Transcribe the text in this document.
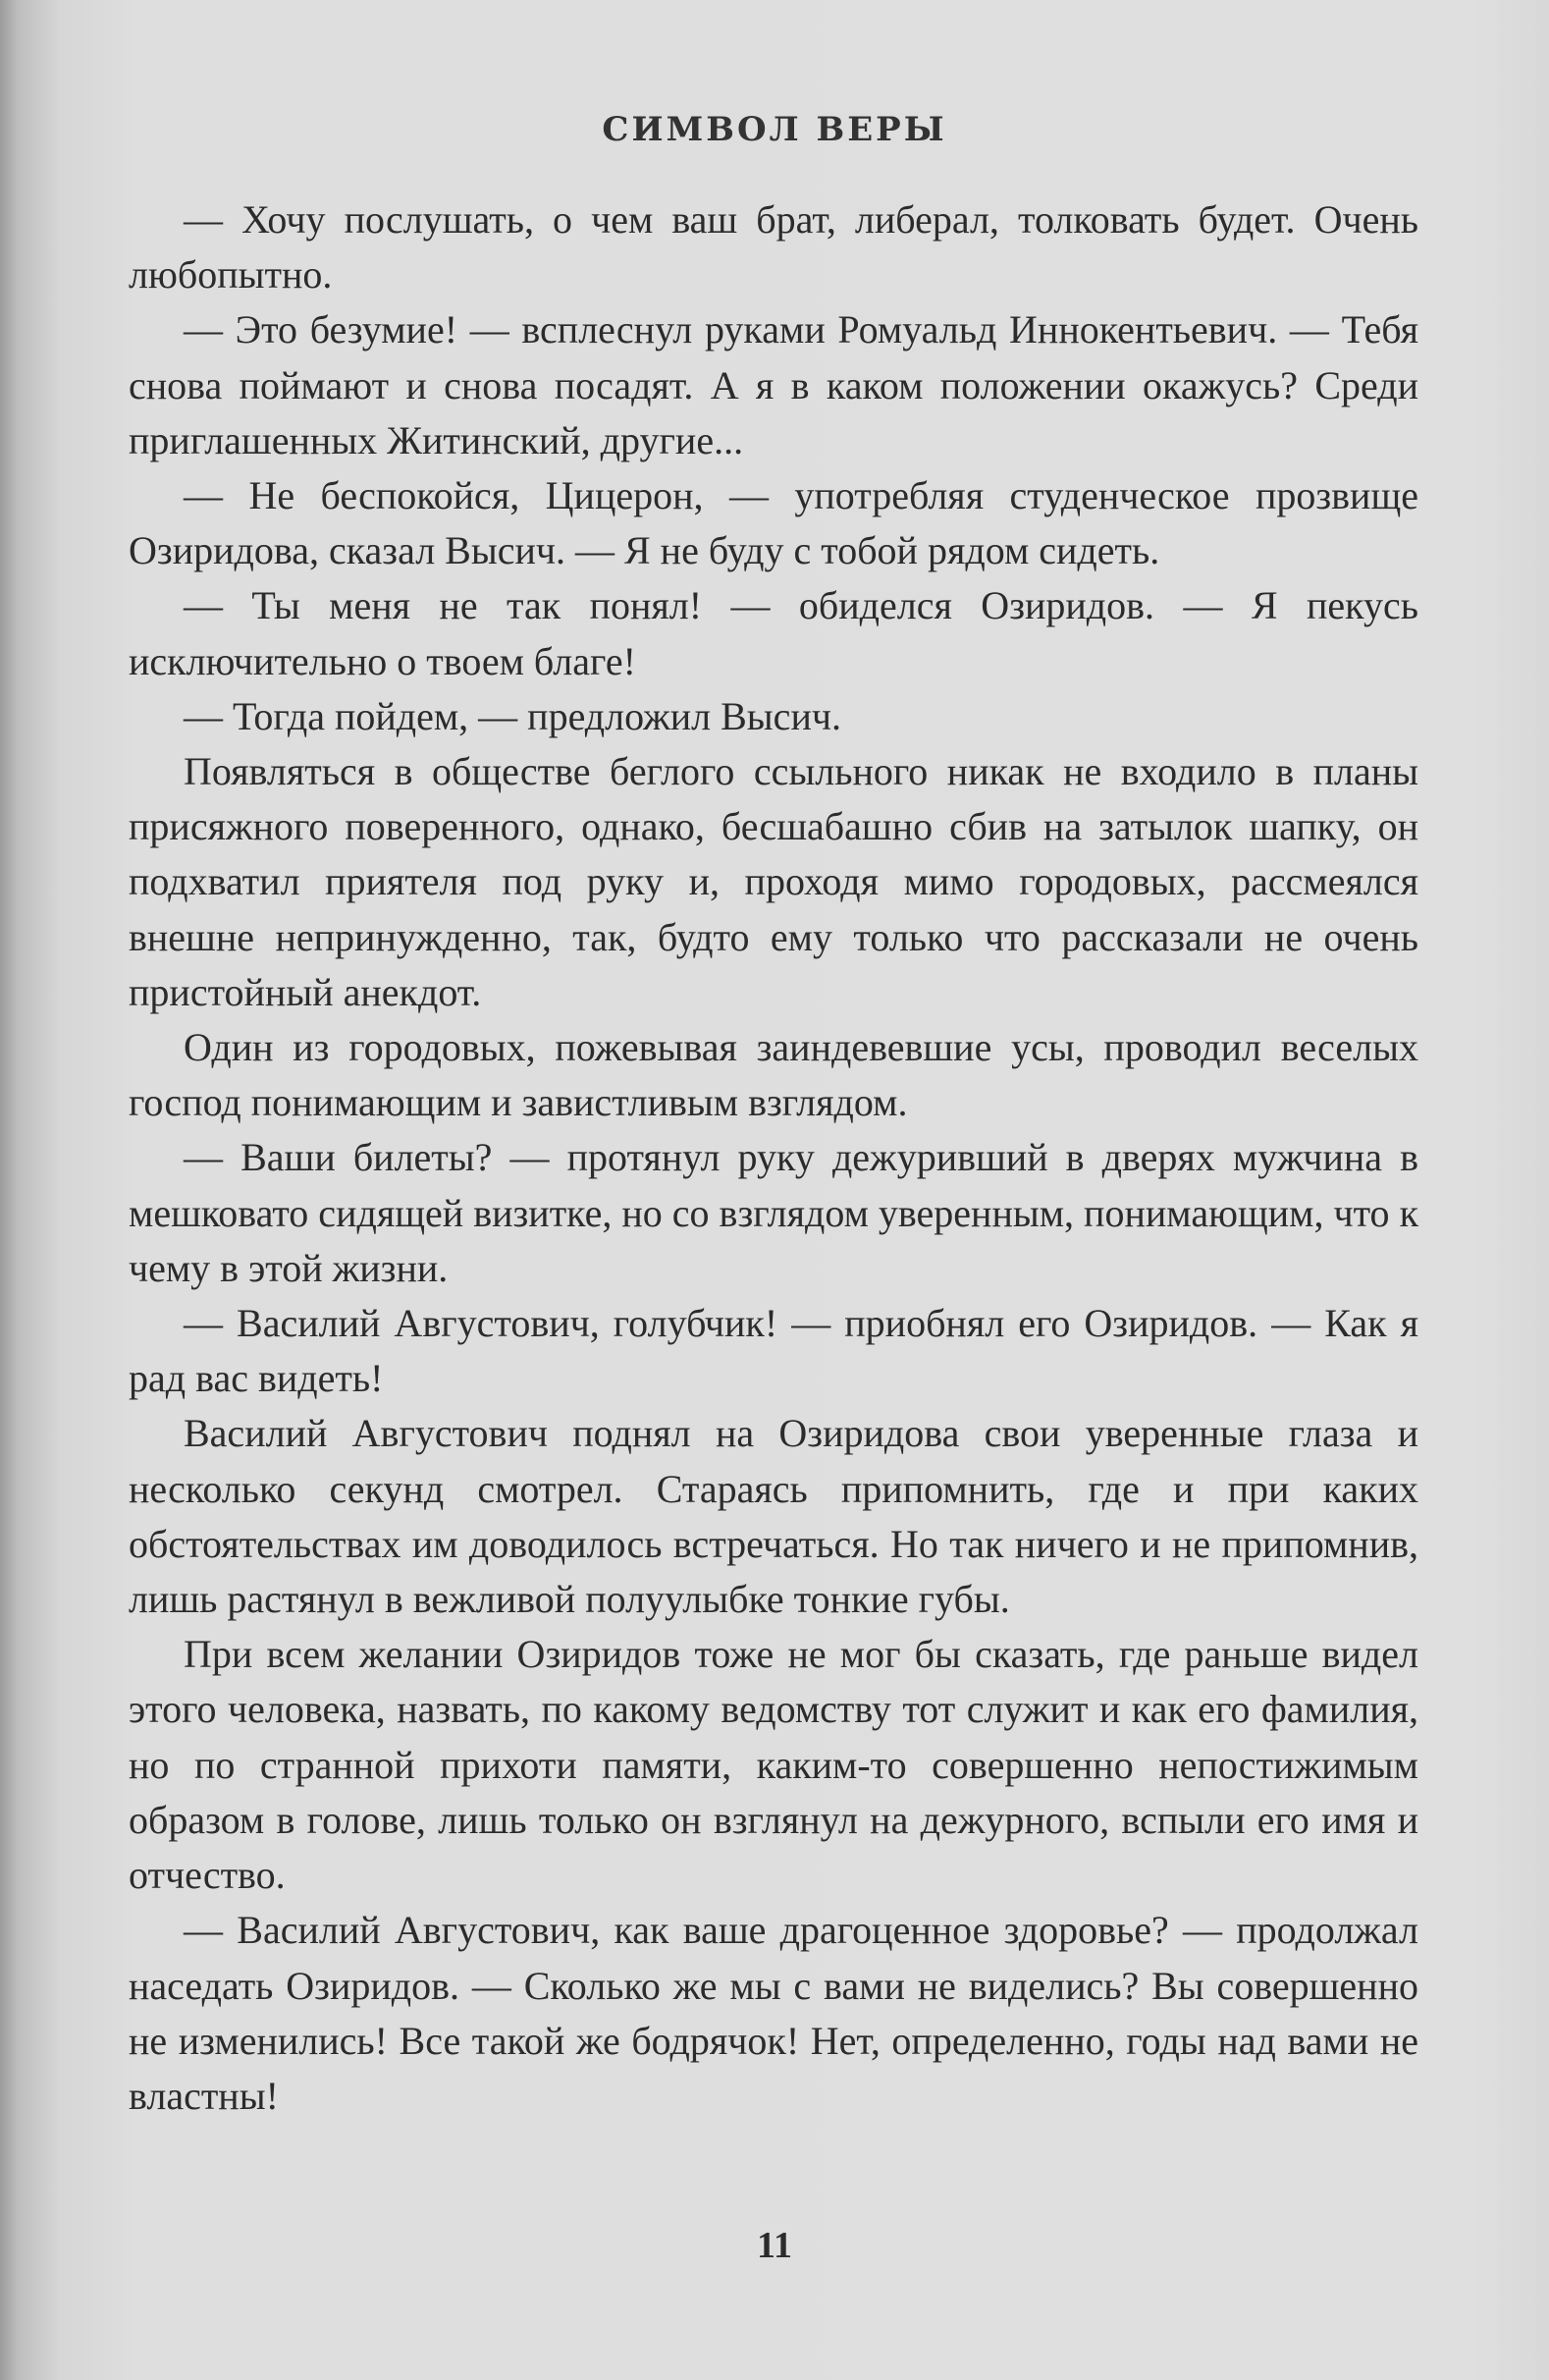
СИМВОЛ ВЕРЫ

— Хочу послушать, о чем ваш брат, либерал, толковать будет. Очень любопытно.

— Это безумие! — всплеснул руками Ромуальд Иннокентьевич. — Тебя снова поймают и снова посадят. А я в каком положении окажусь? Среди приглашенных Житинский, другие...

— Не беспокойся, Цицерон, — употребляя студенческое прозвище Озиридова, сказал Высич. — Я не буду с тобой рядом сидеть.

— Ты меня не так понял! — обиделся Озиридов. — Я пекусь исключительно о твоем благе!

— Тогда пойдем, — предложил Высич.

Появляться в обществе беглого ссыльного никак не входило в планы присяжного поверенного, однако, бесшабашно сбив на затылок шапку, он подхватил приятеля под руку и, проходя мимо городовых, рассмеялся внешне непринужденно, так, будто ему только что рассказали не очень пристойный анекдот.

Один из городовых, пожевывая заиндевевшие усы, проводил веселых господ понимающим и завистливым взглядом.

— Ваши билеты? — протянул руку дежуривший в дверях мужчина в мешковато сидящей визитке, но со взглядом уверенным, понимающим, что к чему в этой жизни.

— Василий Августович, голубчик! — приобнял его Озиридов. — Как я рад вас видеть!

Василий Августович поднял на Озиридова свои уверенные глаза и несколько секунд смотрел. Стараясь припомнить, где и при каких обстоятельствах им доводилось встречаться. Но так ничего и не припомнив, лишь растянул в вежливой полуулыбке тонкие губы.

При всем желании Озиридов тоже не мог бы сказать, где раньше видел этого человека, назвать, по какому ведомству тот служит и как его фамилия, но по странной прихоти памяти, каким-то совершенно непостижимым образом в голове, лишь только он взглянул на дежурного, вспыли его имя и отчество.

— Василий Августович, как ваше драгоценное здоровье? — продолжал наседать Озиридов. — Сколько же мы с вами не виделись? Вы совершенно не изменились! Все такой же бодрячок! Нет, определенно, годы над вами не властны!

11
